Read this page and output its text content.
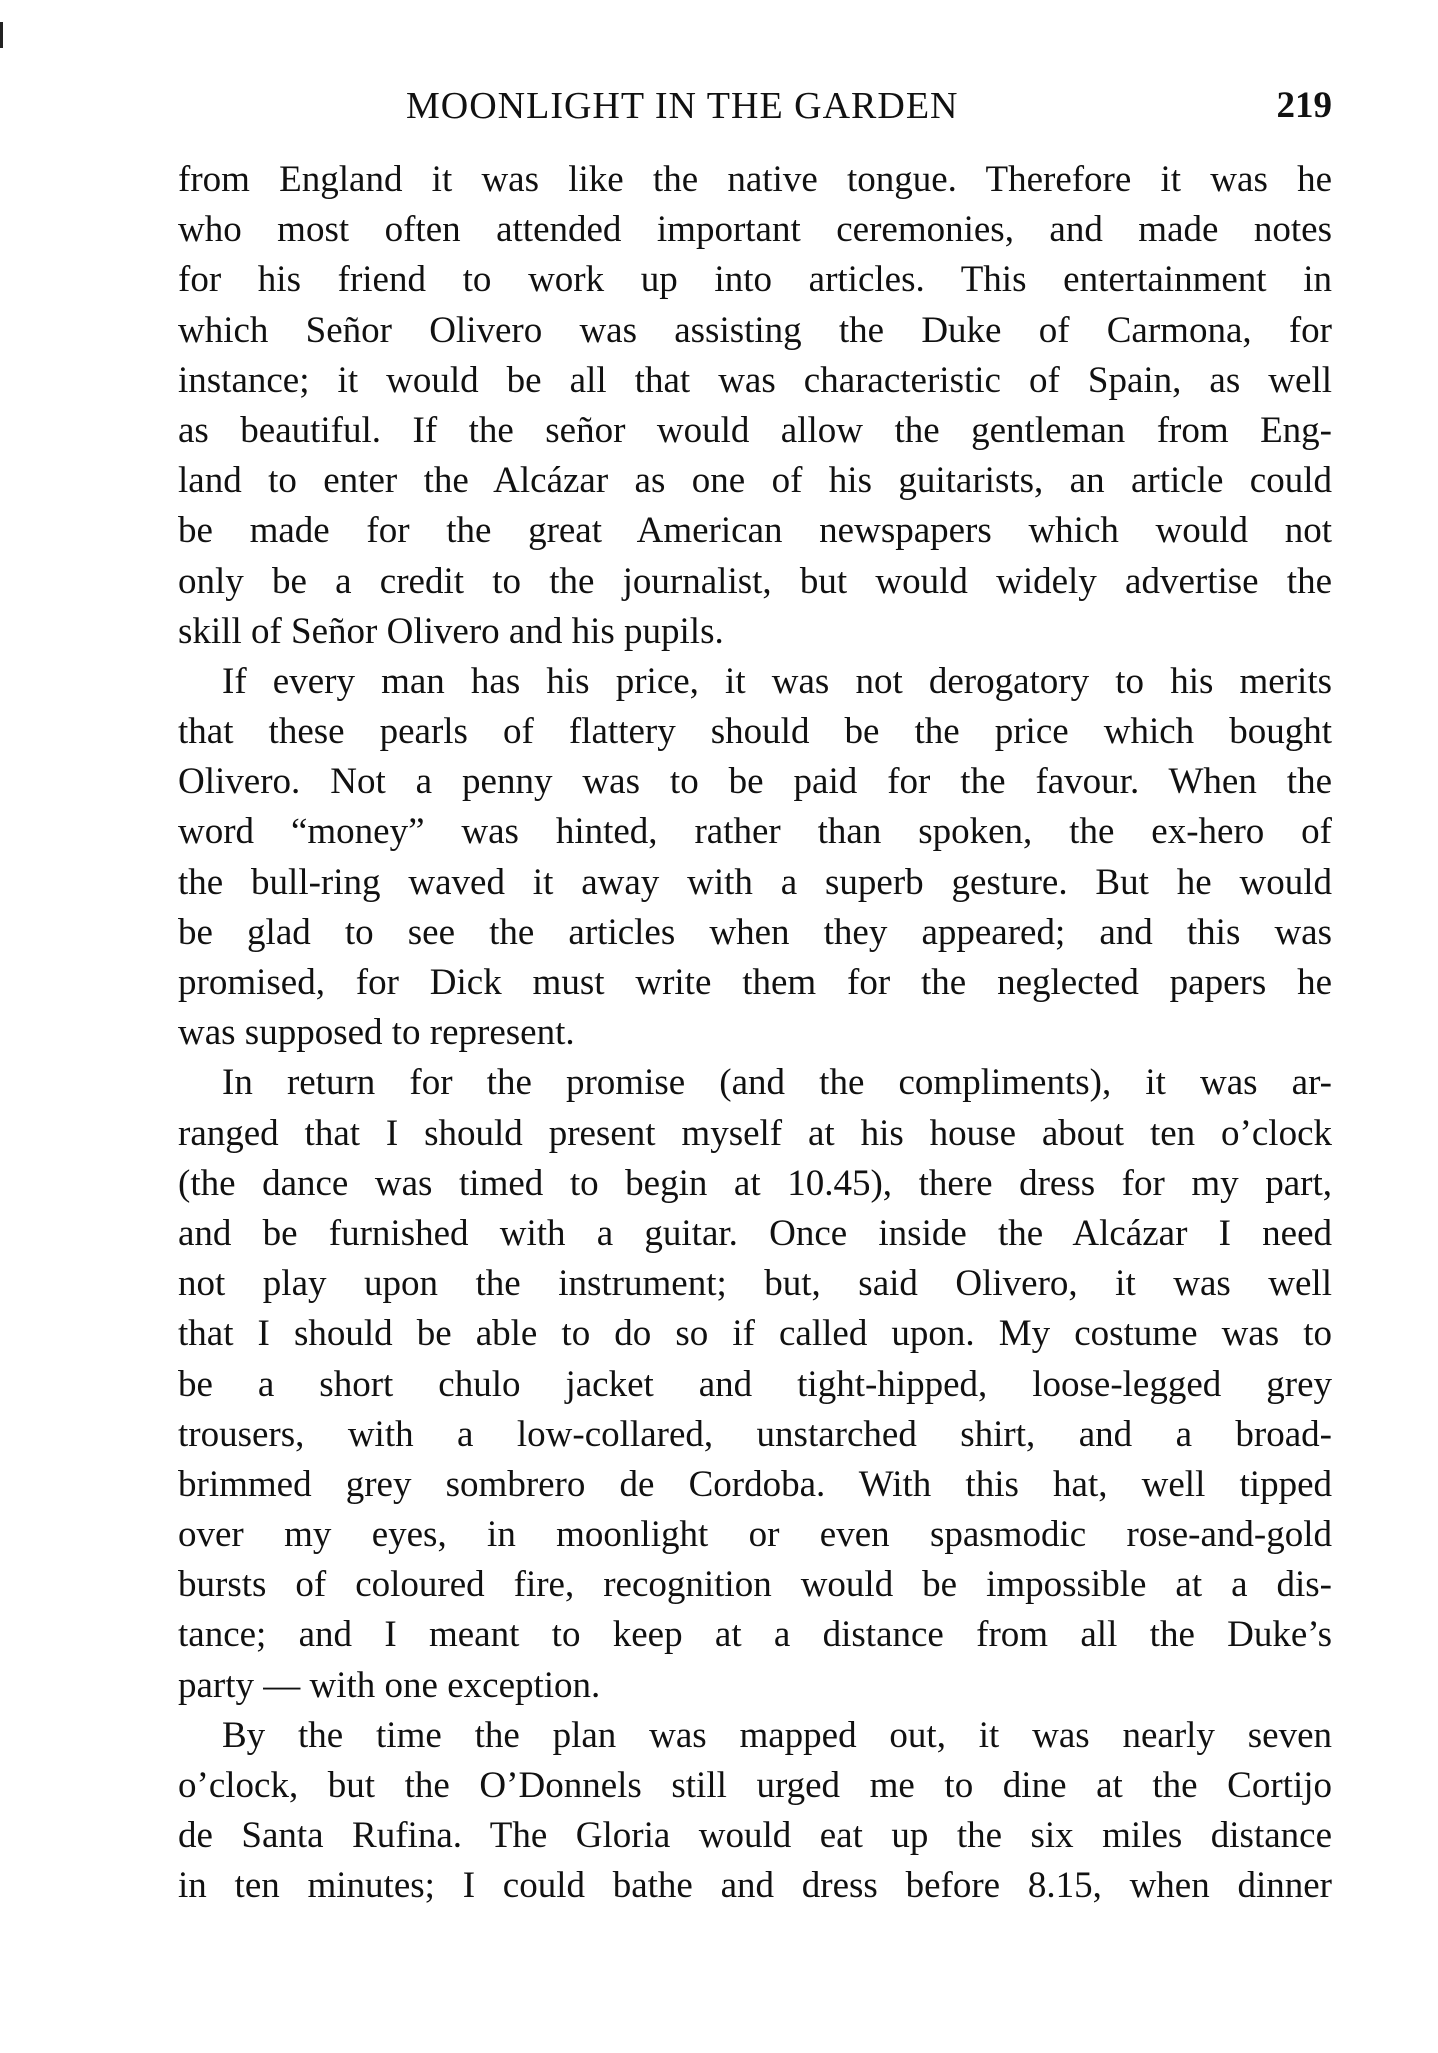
MOONLIGHT IN THE GARDEN	219
from England it was like the native tongue. Therefore it was he
who most often attended important ceremonies, and made notes
for his friend to work up into articles. This entertainment in
which Señor Olivero was assisting the Duke of Carmona, for
instance; it would be all that was characteristic of Spain, as well
as beautiful. If the señor would allow the gentleman from Eng-
land to enter the Alcázar as one of his guitarists, an article could
be made for the great American newspapers which would not
only be a credit to the journalist, but would widely advertise the
skill of Señor Olivero and his pupils.
If every man has his price, it was not derogatory to his merits
that these pearls of flattery should be the price which bought
Olivero. Not a penny was to be paid for the favour. When the
word “money” was hinted, rather than spoken, the ex-hero of
the bull-ring waved it away with a superb gesture. But he would
be glad to see the articles when they appeared; and this was
promised, for Dick must write them for the neglected papers he
was supposed to represent.
In return for the promise (and the compliments), it was ar-
ranged that I should present myself at his house about ten o’clock
(the dance was timed to begin at 10.45), there dress for my part,
and be furnished with a guitar. Once inside the Alcázar I need
not play upon the instrument; but, said Olivero, it was well
that I should be able to do so if called upon. My costume was to
be a short chulo jacket and tight-hipped, loose-legged grey
trousers, with a low-collared, unstarched shirt, and a broad-
brimmed grey sombrero de Cordoba. With this hat, well tipped
over my eyes, in moonlight or even spasmodic rose-and-gold
bursts of coloured fire, recognition would be impossible at a dis-
tance; and I meant to keep at a distance from all the Duke’s
party — with one exception.
By the time the plan was mapped out, it was nearly seven
o’clock, but the O’Donnels still urged me to dine at the Cortijo
de Santa Rufina. The Gloria would eat up the six miles distance
in ten minutes; I could bathe and dress before 8.15, when dinner
